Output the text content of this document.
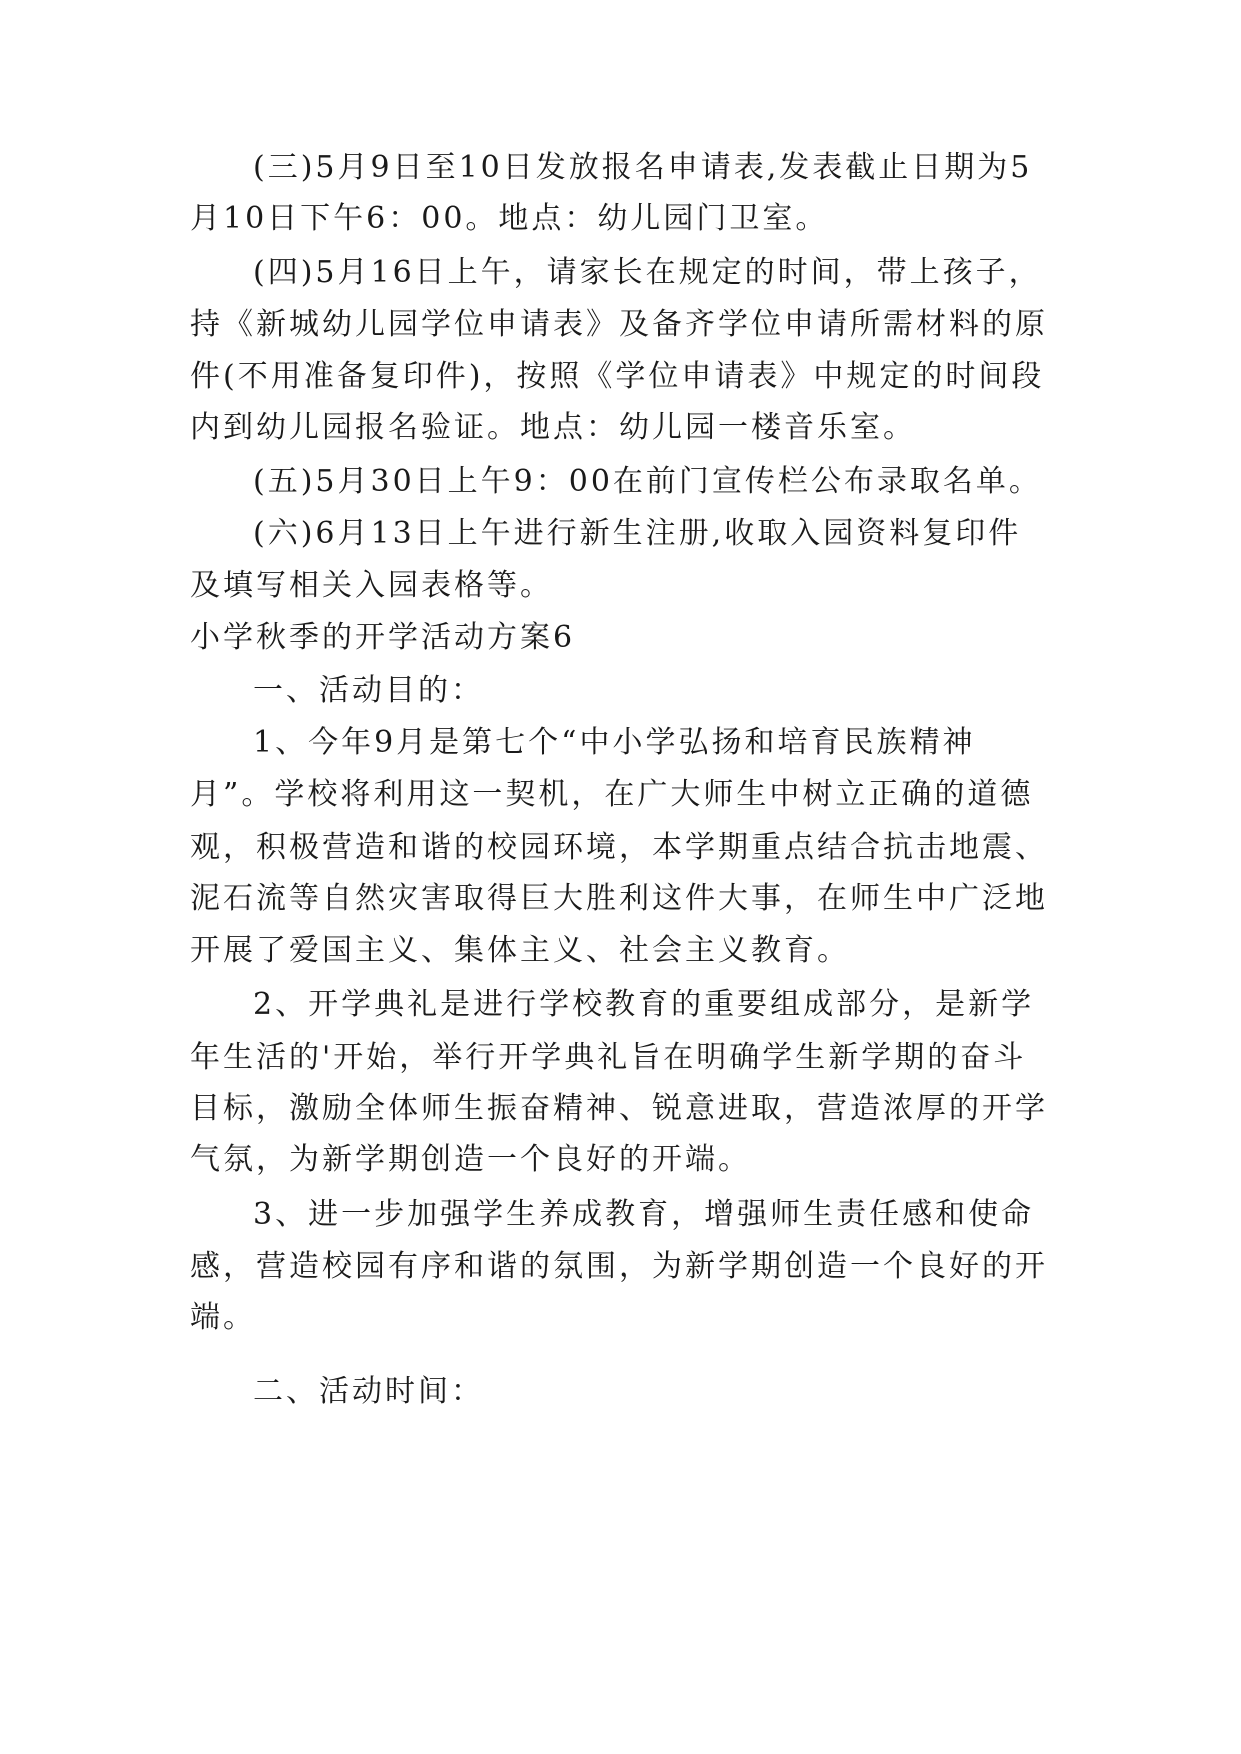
(三)5月9日至10日发放报名申请表,发表截止日期为5
月10日下午6：00。地点：幼儿园门卫室。
(四)5月16日上午，请家长在规定的时间，带上孩子，
持《新城幼儿园学位申请表》及备齐学位申请所需材料的原
件(不用准备复印件)，按照《学位申请表》中规定的时间段
内到幼儿园报名验证。地点：幼儿园一楼音乐室。
(五)5月30日上午9：00在前门宣传栏公布录取名单。
(六)6月13日上午进行新生注册,收取入园资料复印件
及填写相关入园表格等。
小学秋季的开学活动方案6
一、活动目的：
1、今年9月是第七个“中小学弘扬和培育民族精神
月”。学校将利用这一契机，在广大师生中树立正确的道德
观，积极营造和谐的校园环境，本学期重点结合抗击地震、
泥石流等自然灾害取得巨大胜利这件大事，在师生中广泛地
开展了爱国主义、集体主义、社会主义教育。
2、开学典礼是进行学校教育的重要组成部分，是新学
年生活的'开始，举行开学典礼旨在明确学生新学期的奋斗
目标，激励全体师生振奋精神、锐意进取，营造浓厚的开学
气氛，为新学期创造一个良好的开端。
3、进一步加强学生养成教育，增强师生责任感和使命
感，营造校园有序和谐的氛围，为新学期创造一个良好的开
端。
二、活动时间：
